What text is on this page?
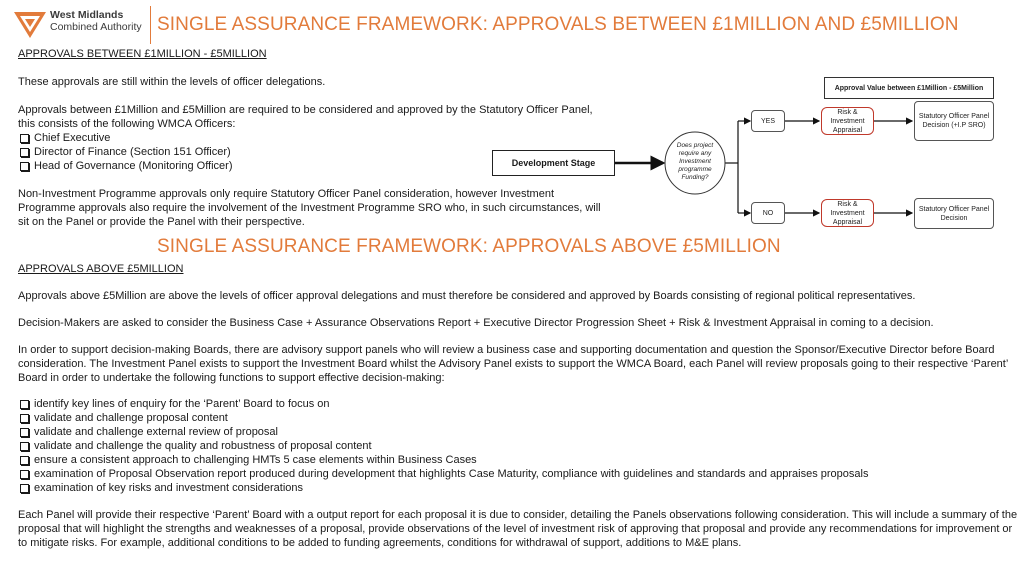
West Midlands
Combined Authority SINGLE ASSURANCE FRAMEWORK: APPROVALS BETWEEN £1MILLION AND £5MILLION
APPROVALS BETWEEN £1MILLION - £5MILLION
These approvals are still within the levels of officer delegations.
Approvals between £1Million and £5Million are required to be considered and approved by the Statutory Officer Panel, this consists of the following WMCA Officers:
Chief Executive
Director of Finance (Section 151 Officer)
Head of Governance (Monitoring Officer)
Non-Investment Programme approvals only require Statutory Officer Panel consideration, however Investment Programme approvals also require the involvement of the Investment Programme SRO who, in such circumstances, will sit on the Panel or provide the Panel with their perspective.
Approval Value between £1Million - £5Million
Development Stage
Does project require any Investment programme Funding?
YES
NO
Risk & Investment Appraisal
Risk & Investment Appraisal
Statutory Officer Panel Decision (+I.P SRO)
Statutory Officer Panel Decision
SINGLE ASSURANCE FRAMEWORK: APPROVALS ABOVE £5MILLION
APPROVALS ABOVE £5MILLION
Approvals above £5Million are above the levels of officer approval delegations and must therefore be considered and approved by Boards consisting of regional political representatives.
Decision-Makers are asked to consider the Business Case + Assurance Observations Report + Executive Director Progression Sheet + Risk & Investment Appraisal in coming to a decision.
In order to support decision-making Boards, there are advisory support panels who will review a business case and supporting documentation and question the Sponsor/Executive Director before Board consideration. The Investment Panel exists to support the Investment Board whilst the Advisory Panel exists to support the WMCA Board, each Panel will review proposals going to their respective ‘Parent’ Board in order to undertake the following functions to support effective decision-making:
identify key lines of enquiry for the ‘Parent’ Board to focus on
validate and challenge proposal content
validate and challenge external review of proposal
validate and challenge the quality and robustness of proposal content
ensure a consistent approach to challenging HMTs 5 case elements within Business Cases
examination of Proposal Observation report produced during development that highlights Case Maturity, compliance with guidelines and standards and appraises proposals
examination of key risks and investment considerations
Each Panel will provide their respective ‘Parent’ Board with a output report for each proposal it is due to consider, detailing the Panels observations following consideration. This will include a summary of the proposal that will highlight the strengths and weaknesses of a proposal, provide observations of the level of investment risk of approving that proposal and provide any recommendations for improvement or to mitigate risks. For example, additional conditions to be added to funding agreements, conditions for withdrawal of support, additions to M&E plans.
